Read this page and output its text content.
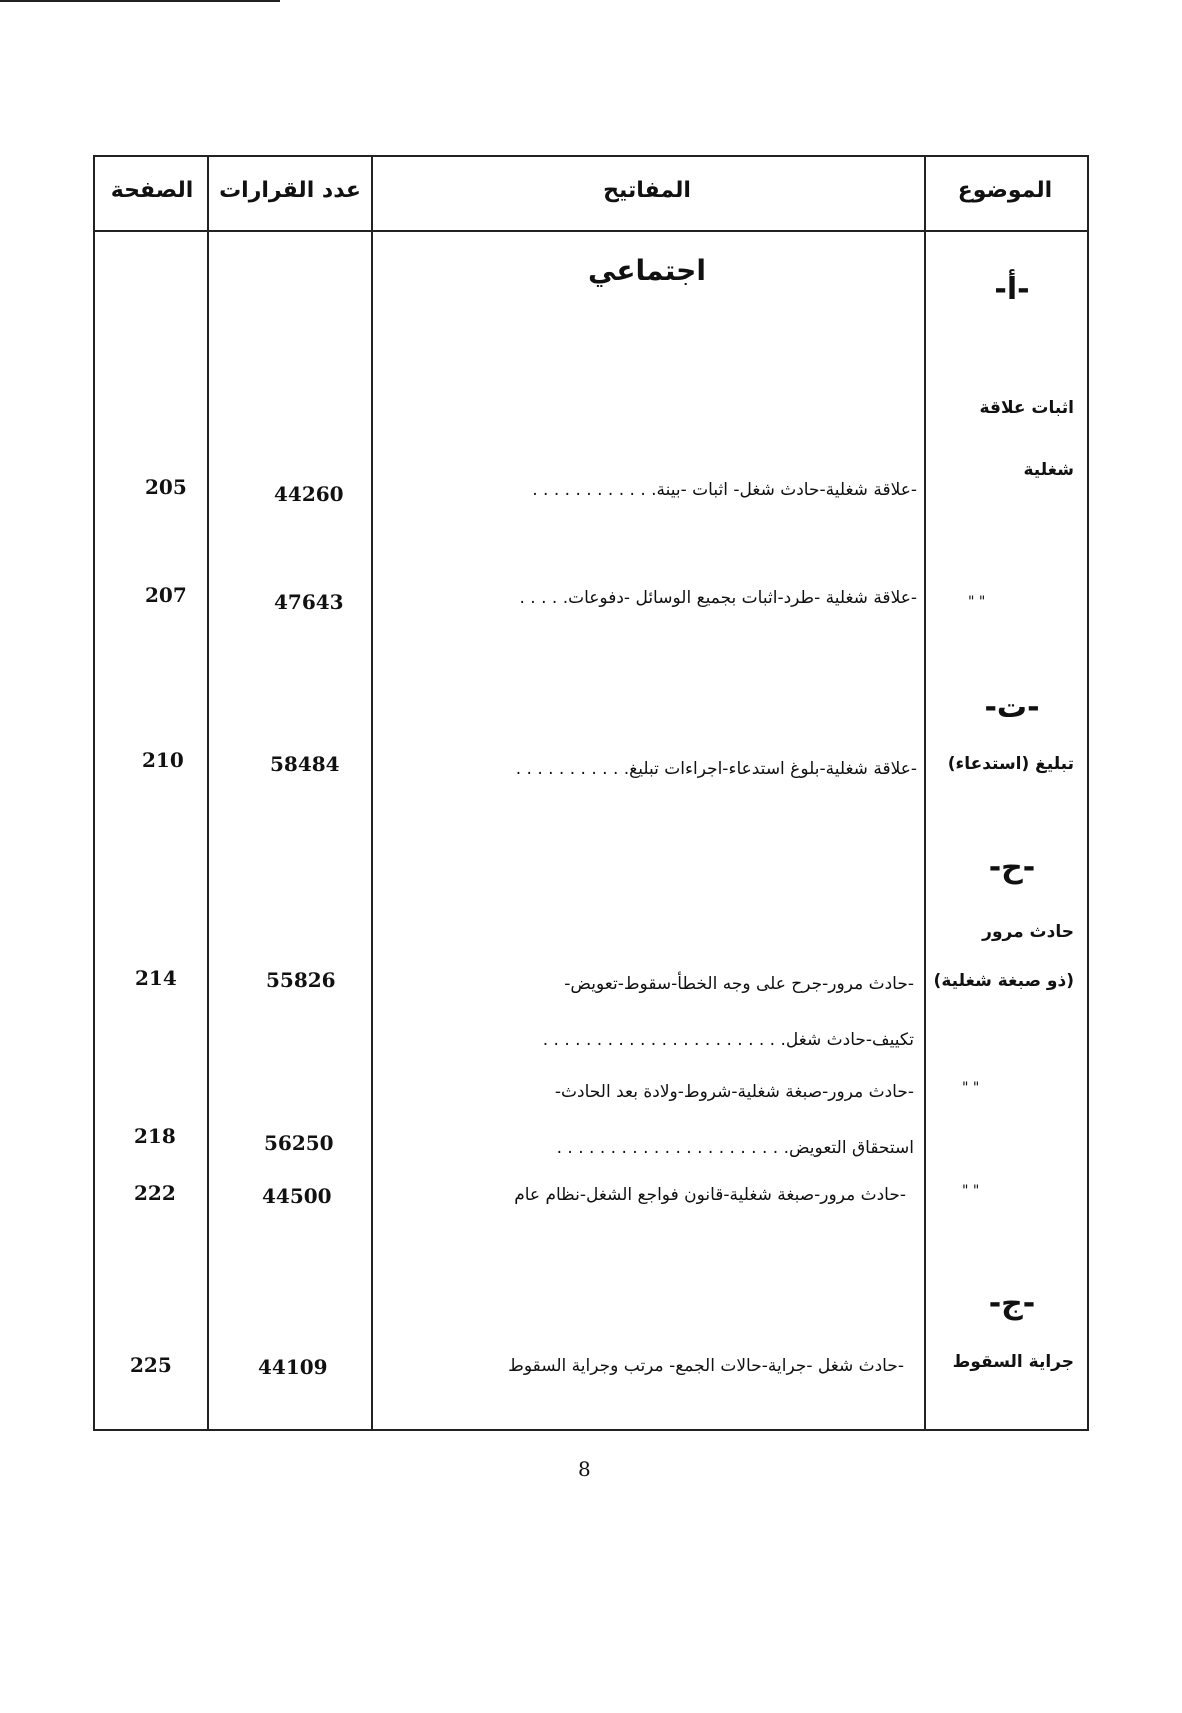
الموضوع
المفاتيح
عدد القرارات
الصفحة
اجتماعي
-أ-
-ت-
-ح-
-ج-
اثبات علاقة
شغلية
" "
تبليغ (استدعاء)
حادث مرور
(ذو صبغة شغلية)
" "
" "
جراية السقوط
-علاقة شغلية-حادث شغل- اثبات -بينة. . . . . . . . . . . .
44260
205
-علاقة شغلية -طرد-اثبات بجميع الوسائل -دفوعات. . . . .
47643
207
-علاقة شغلية-بلوغ استدعاء-اجراءات تبليغ. . . . . . . . . . .
58484
210
-حادث مرور-جرح على وجه الخطأ-سقوط-تعويض-
تكييف-حادث شغل. . . . . . . . . . . . . . . . . . . . . . .
55826
214
-حادث مرور-صبغة شغلية-شروط-ولادة بعد الحادث-
استحقاق التعويض. . . . . . . . . . . . . . . . . . . . . .
56250
218
-حادث مرور-صبغة شغلية-قانون فواجع الشغل-نظام عام
44500
222
-حادث شغل -جراية-حالات الجمع- مرتب وجراية السقوط
44109
225
8
